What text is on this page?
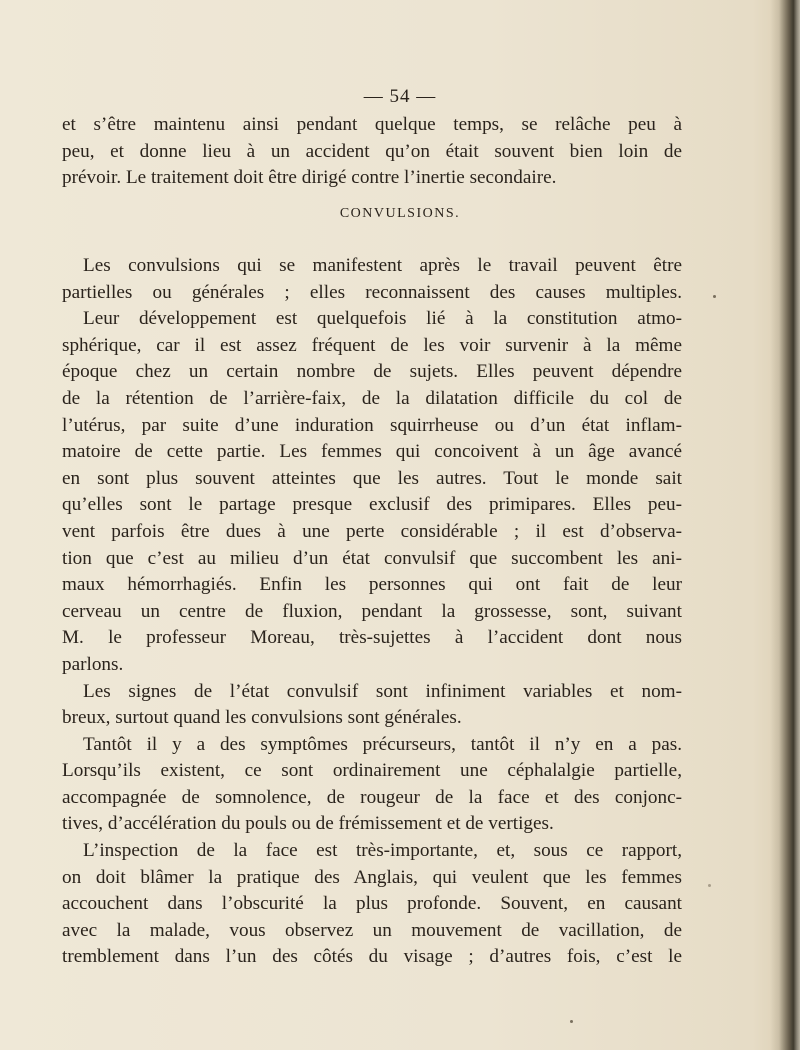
— 54 —
et s’être maintenu ainsi pendant quelque temps, se relâche peu à
peu, et donne lieu à un accident qu’on était souvent bien loin de
prévoir. Le traitement doit être dirigé contre l’inertie secondaire.
CONVULSIONS.
Les convulsions qui se manifestent après le travail peuvent être
partielles ou générales ; elles reconnaissent des causes multiples.
Leur développement est quelquefois lié à la constitution atmo-
sphérique, car il est assez fréquent de les voir survenir à la même
époque chez un certain nombre de sujets. Elles peuvent dépendre
de la rétention de l’arrière-faix, de la dilatation difficile du col de
l’utérus, par suite d’une induration squirrheuse ou d’un état inflam-
matoire de cette partie. Les femmes qui concoivent à un âge avancé
en sont plus souvent atteintes que les autres. Tout le monde sait
qu’elles sont le partage presque exclusif des primipares. Elles peu-
vent parfois être dues à une perte considérable ; il est d’observa-
tion que c’est au milieu d’un état convulsif que succombent les ani-
maux hémorrhagiés. Enfin les personnes qui ont fait de leur
cerveau un centre de fluxion, pendant la grossesse, sont, suivant
M. le professeur Moreau, très-sujettes à l’accident dont nous
parlons.
Les signes de l’état convulsif sont infiniment variables et nom-
breux, surtout quand les convulsions sont générales.
Tantôt il y a des symptômes précurseurs, tantôt il n’y en a pas.
Lorsqu’ils existent, ce sont ordinairement une céphalalgie partielle,
accompagnée de somnolence, de rougeur de la face et des conjonc-
tives, d’accélération du pouls ou de frémissement et de vertiges.
L’inspection de la face est très-importante, et, sous ce rapport,
on doit blâmer la pratique des Anglais, qui veulent que les femmes
accouchent dans l’obscurité la plus profonde. Souvent, en causant
avec la malade, vous observez un mouvement de vacillation, de
tremblement dans l’un des côtés du visage ; d’autres fois, c’est le
